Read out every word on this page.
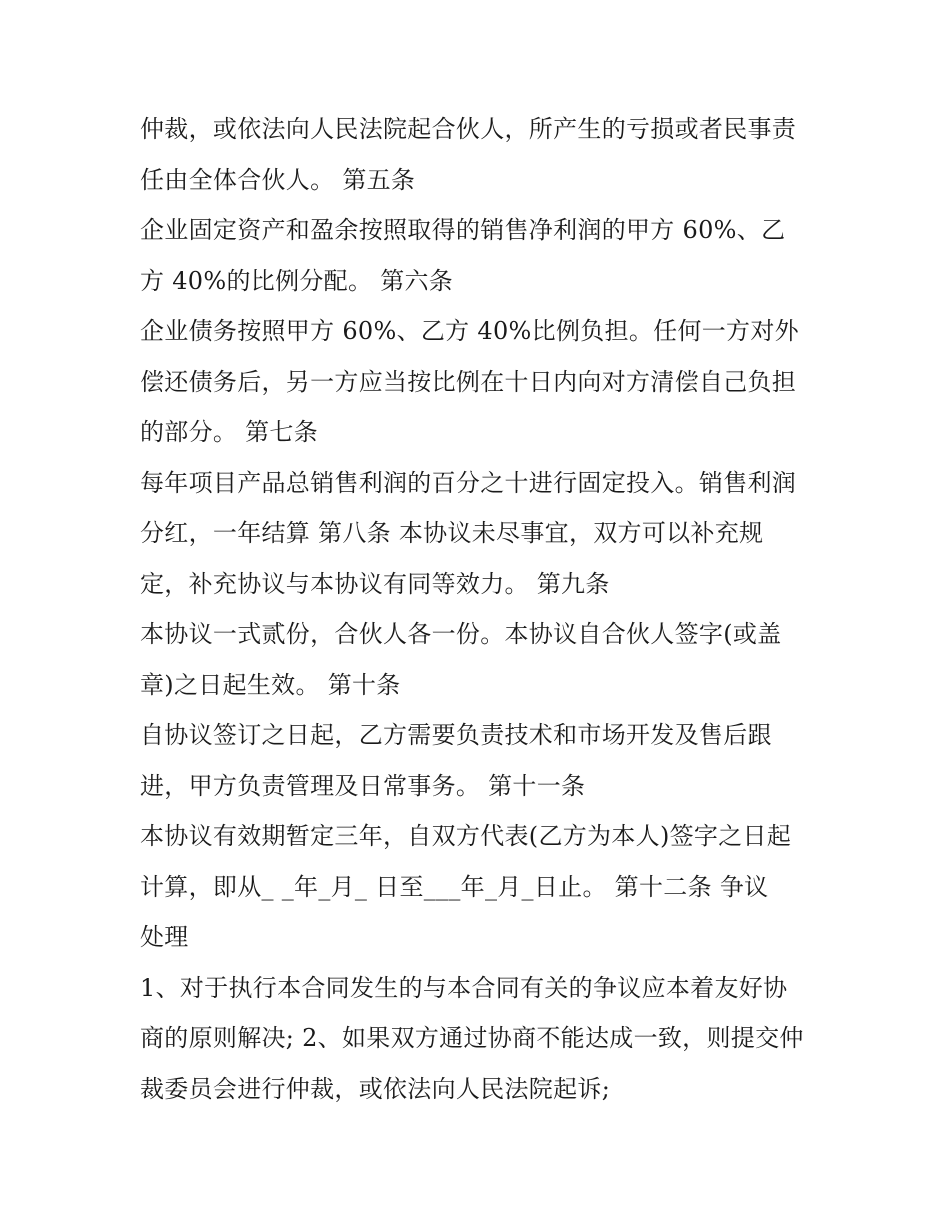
仲裁，或依法向人民法院起合伙人，所产生的亏损或者民事责
任由全体合伙人。 第五条
企业固定资产和盈余按照取得的销售净利润的甲方 60%、乙
方 40%的比例分配。 第六条
企业债务按照甲方 60%、乙方 40%比例负担。任何一方对外
偿还债务后，另一方应当按比例在十日内向对方清偿自己负担
的部分。 第七条
每年项目产品总销售利润的百分之十进行固定投入。销售利润
分红，一年结算 第八条 本协议未尽事宜，双方可以补充规
定，补充协议与本协议有同等效力。 第九条
本协议一式贰份，合伙人各一份。本协议自合伙人签字(或盖
章)之日起生效。 第十条
自协议签订之日起，乙方需要负责技术和市场开发及售后跟
进，甲方负责管理及日常事务。 第十一条
本协议有效期暂定三年，自双方代表(乙方为本人)签字之日起
计算，即从_ _年_月_ 日至___年_月_日止。 第十二条 争议
处理
1、对于执行本合同发生的与本合同有关的争议应本着友好协
商的原则解决; 2、如果双方通过协商不能达成一致，则提交仲
裁委员会进行仲裁，或依法向人民法院起诉;
